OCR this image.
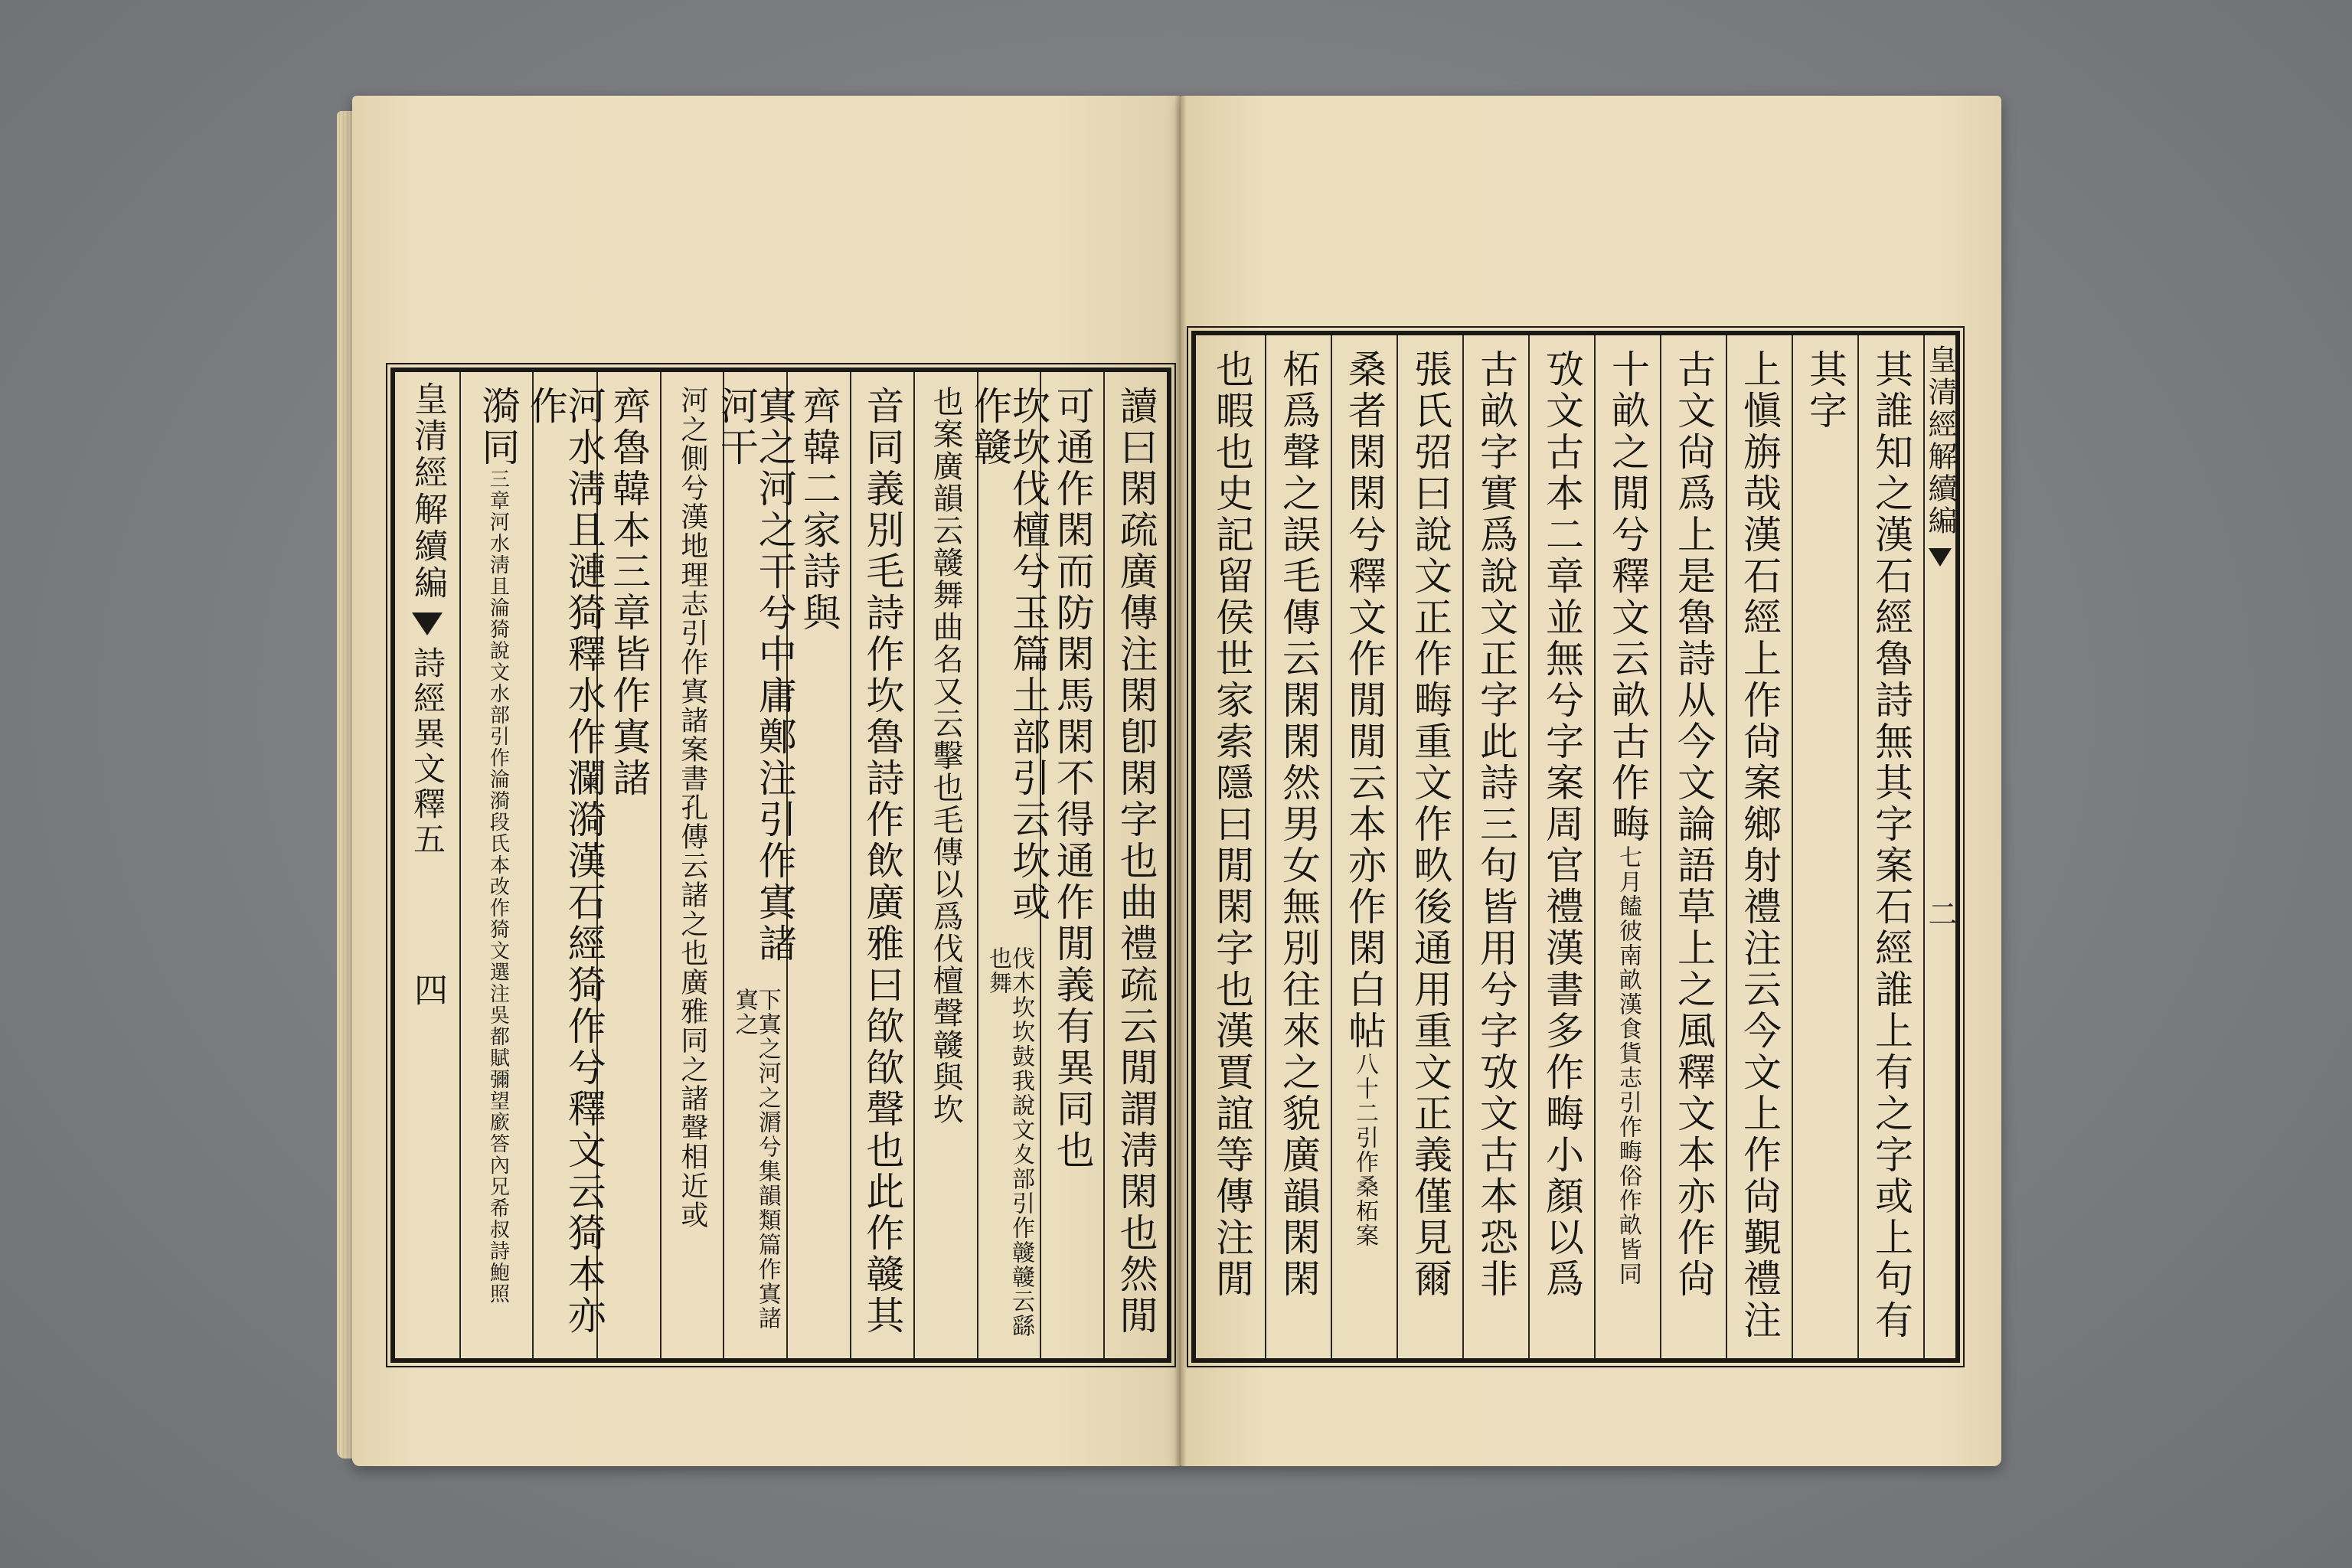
讀曰閑疏廣傳注閑卽閑字也曲禮疏云閒謂淸閑也然閒
可通作閑而防閑馬閑不得通作閒義有異同也
坎坎伐檀兮玉篇土部引云坎或作竷
伐木坎坎鼓我說文夊部引作竷竷云繇也舞
也案廣韻云竷舞曲名又云擊也毛傳以爲伐檀聲竷與坎
音同義別毛詩作坎魯詩作飲廣雅曰欿欿聲也此作竷其
齊韓二家詩與
寘之河之干兮中庸鄭注引作寘諸河干
下寘之河之漘兮集韻類篇作寘諸寘之
河之側兮漢地理志引作寘諸案書孔傳云諸之也廣雅同之諸聲相近或
齊魯韓本三章皆作寘諸
河水淸且漣猗釋水作瀾漪漢石經猗作兮釋文云猗本亦作
漪同
三章河水淸且淪猗說文水部引作淪漪段氏本改作猗文選注吳都賦彌望廞答內兄希叔詩鮑照
皇清經解續編
詩經異文釋五
四	其誰知之漢石經魯詩無其字案石經誰上有之字或上句有
其字
上愼旃哉漢石經上作尙案鄉射禮注云今文上作尙覲禮注
古文尙爲上是魯詩从今文論語草上之風釋文本亦作尙
十畝之閒兮釋文云畝古作畮
七月饁彼南畝漢食貨志引作畮俗作畝皆同
攷文古本二章並無兮字案周官禮漢書多作畮小顏以爲
古畝字實爲說文正字此詩三句皆用兮字攷文古本恐非
張氏弨曰說文正作畮重文作畂後通用重文正義僅見爾
桑者閑閑兮釋文作閒閒云本亦作閑白帖
八十二引作桑柘案
柘爲聲之誤毛傳云閑閑然男女無別往來之貌廣韻閑閑
也暇也史記留侯世家索隱曰閒閑字也漢賈誼等傳注閒	皇清經解續編
二
